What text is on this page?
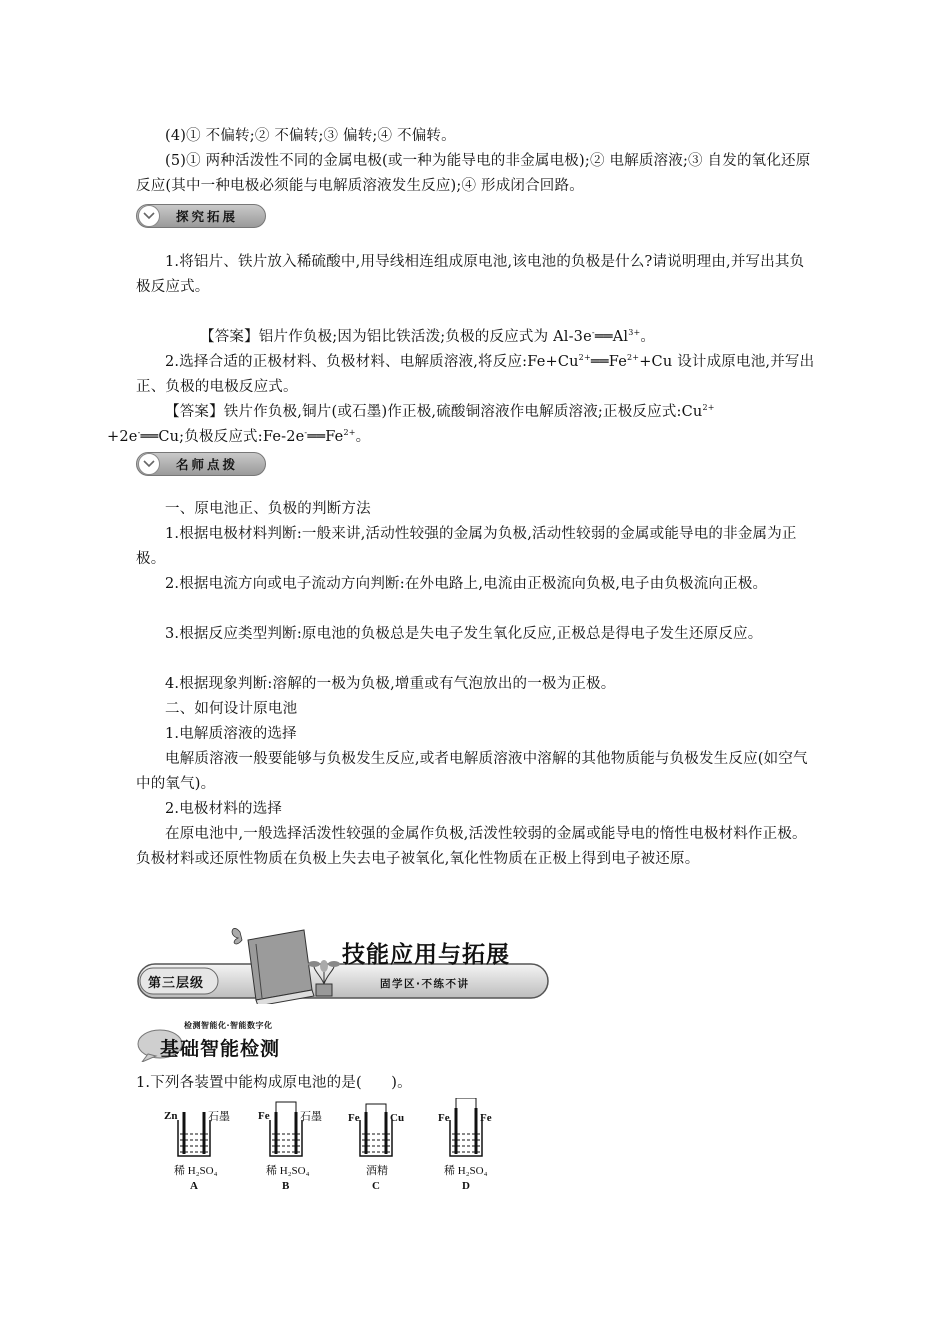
(4)① 不偏转;② 不偏转;③ 偏转;④ 不偏转。
(5)① 两种活泼性不同的金属电极(或一种为能导电的非金属电极);② 电解质溶液;③ 自发的氧化还原反应(其中一种电极必须能与电解质溶液发生反应);④ 形成闭合回路。
探究拓展
1.将铝片、铁片放入稀硫酸中,用导线相连组成原电池,该电池的负极是什么?请说明理由,并写出其负极反应式。
【答案】铝片作负极;因为铝比铁活泼;负极的反应式为 $Al-3e^-══Al^{3+}$。
2.选择合适的正极材料、负极材料、电解质溶液,将反应$:Fe+Cu^{2+}══Fe^{2+}+Cu$ 设计成原电池,并写出正、负极的电极反应式。
【答案】铁片作负极,铜片(或石墨)作正极,硫酸铜溶液作电解质溶液;正极反应式$:Cu^{2+}$
+2e-══Cu;负极反应式$:Fe-2e^-══Fe^{2+}$。
名师点拨
一、原电池正、负极的判断方法
1.根据电极材料判断:一般来讲,活动性较强的金属为负极,活动性较弱的金属或能导电的非金属为正极。
2.根据电流方向或电子流动方向判断:在外电路上,电流由正极流向负极,电子由负极流向正极。
3.根据反应类型判断:原电池的负极总是失电子发生氧化反应,正极总是得电子发生还原反应。
4.根据现象判断:溶解的一极为负极,增重或有气泡放出的一极为正极。
二、如何设计原电池
1.电解质溶液的选择
电解质溶液一般要能够与负极发生反应,或者电解质溶液中溶解的其他物质能与负极发生反应(如空气中的氧气)。
2.电极材料的选择
在原电池中,一般选择活泼性较强的金属作负极,活泼性较弱的金属或能导电的惰性电极材料作正极。负极材料或还原性物质在负极上失去电子被氧化,氧化性物质在正极上得到电子被还原。
第三层级
技能应用与拓展
固学区·不练不讲
检测智能化·智能数字化
基础智能检测
1.下列各装置中能构成原电池的是(　　)。
Zn	石墨
稀 H₂SO₄
A
Fe	石墨
稀 H₂SO₄
B
Fe	Cu
酒精
C
Fe	Fe
稀 H₂SO₄
D
